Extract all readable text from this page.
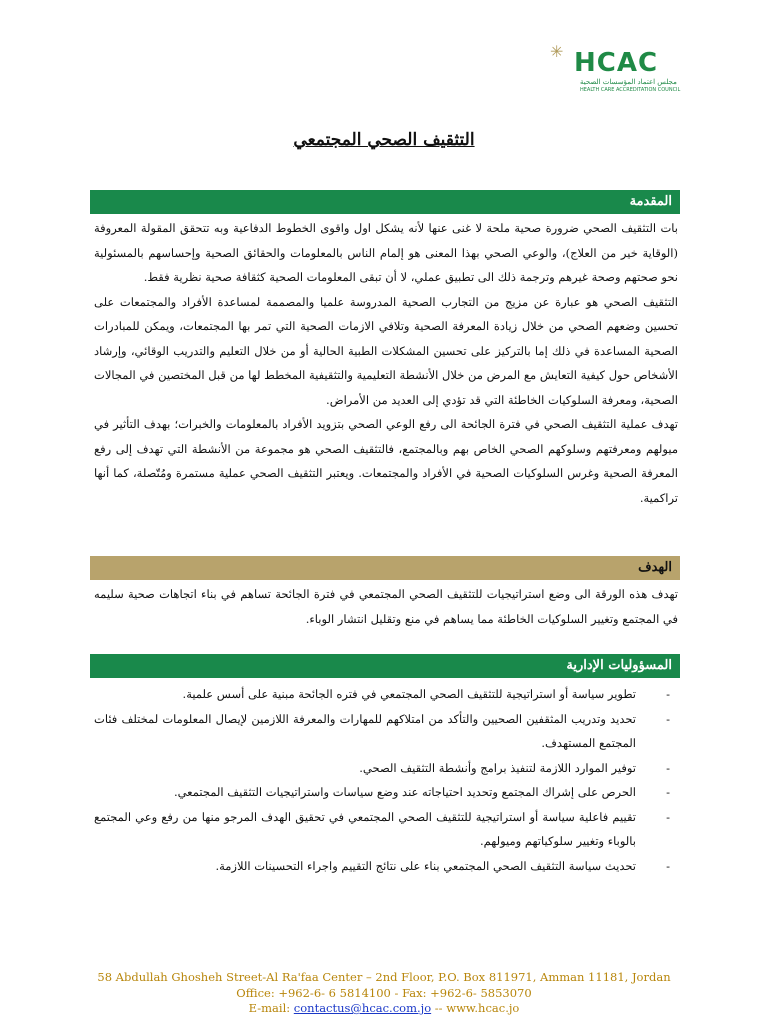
✳ HCAC
مجلس اعتماد المؤسسات الصحية
HEALTH CARE ACCREDITATION COUNCIL
التثقيف الصحي المجتمعي
المقدمة

بات التثقيف الصحي ضرورة صحية ملحة لا غنى عنها لأنه يشكل اول واقوى الخطوط الدفاعية وبه تتحقق المقولة المعروفة (الوقاية خير من العلاج)، والوعي الصحي بهذا المعنى هو إلمام الناس بالمعلومات والحقائق الصحية وإحساسهم بالمسئولية نحو صحتهم وصحة غيرهم وترجمة ذلك الى تطبيق عملي، لا أن تبقى المعلومات الصحية كثقافة صحية نظرية فقط.

التثقيف الصحي هو عبارة عن مزيج من التجارب الصحية المدروسة علميا والمصممة لمساعدة الأفراد والمجتمعات على تحسين وضعهم الصحي من خلال زيادة المعرفة الصحية وتلافي الازمات الصحية التي تمر بها المجتمعات، ويمكن للمبادرات الصحية المساعدة في ذلك إما بالتركيز على تحسين المشكلات الطبية الحالية أو من خلال التعليم والتدريب الوقائي، وإرشاد الأشخاص حول كيفية التعايش مع المرض من خلال الأنشطة التعليمية والتثقيفية المخطط لها من قبل المختصين في المجالات الصحية، ومعرفة السلوكيات الخاطئة التي قد تؤدي إلى العديد من الأمراض.

تهدف عملية التثقيف الصحي في فترة الجائحة الى رفع الوعي الصحي بتزويد الأفراد بالمعلومات والخبرات؛ بهدف التأثير في ميولهم ومعرفتهم وسلوكهم الصحي الخاص بهم وبالمجتمع، فالتثقيف الصحي هو مجموعة من الأنشطة التي تهدف إلى رفع المعرفة الصحية وغرس السلوكيات الصحية في الأفراد والمجتمعات. ويعتبر التثقيف الصحي عملية مستمرة ومُتّصلة، كما أنها تراكمية.

الهدف

تهدف هذه الورقة الى وضع استراتيجيات للتثقيف الصحي المجتمعي في فترة الجائحة تساهم في بناء اتجاهات صحية سليمه في المجتمع وتغيير السلوكيات الخاطئة مما يساهم في منع وتقليل انتشار الوباء.

المسؤوليات الإدارية
-
تطوير سياسة أو استراتيجية للتثقيف الصحي المجتمعي في فتره الجائحة مبنية على أسس علمية.
-
تحديد وتدريب المثقفين الصحيين والتأكد من امتلاكهم للمهارات والمعرفة اللازمين لإيصال المعلومات لمختلف فئات المجتمع المستهدف.
-
توفير الموارد اللازمة لتنفيذ برامج وأنشطة التثقيف الصحي.
-
الحرص على إشراك المجتمع وتحديد احتياجاته عند وضع سياسات واستراتيجيات التثقيف المجتمعي.
-
تقييم فاعلية سياسة أو استراتيجية للتثقيف الصحي المجتمعي في تحقيق الهدف المرجو منها من رفع وعي المجتمع بالوباء وتغيير سلوكياتهم وميولهم.
-
تحديث سياسة التثقيف الصحي المجتمعي بناء على نتائج التقييم واجراء التحسينات اللازمة.
58 Abdullah Ghosheh Street-Al Ra'faa Center – 2nd Floor, P.O. Box 811971, Amman 11181, Jordan
Office: +962-6- 6 5814100 - Fax: +962-6- 5853070
E-mail: contactus@hcac.com.jo -- www.hcac.jo
